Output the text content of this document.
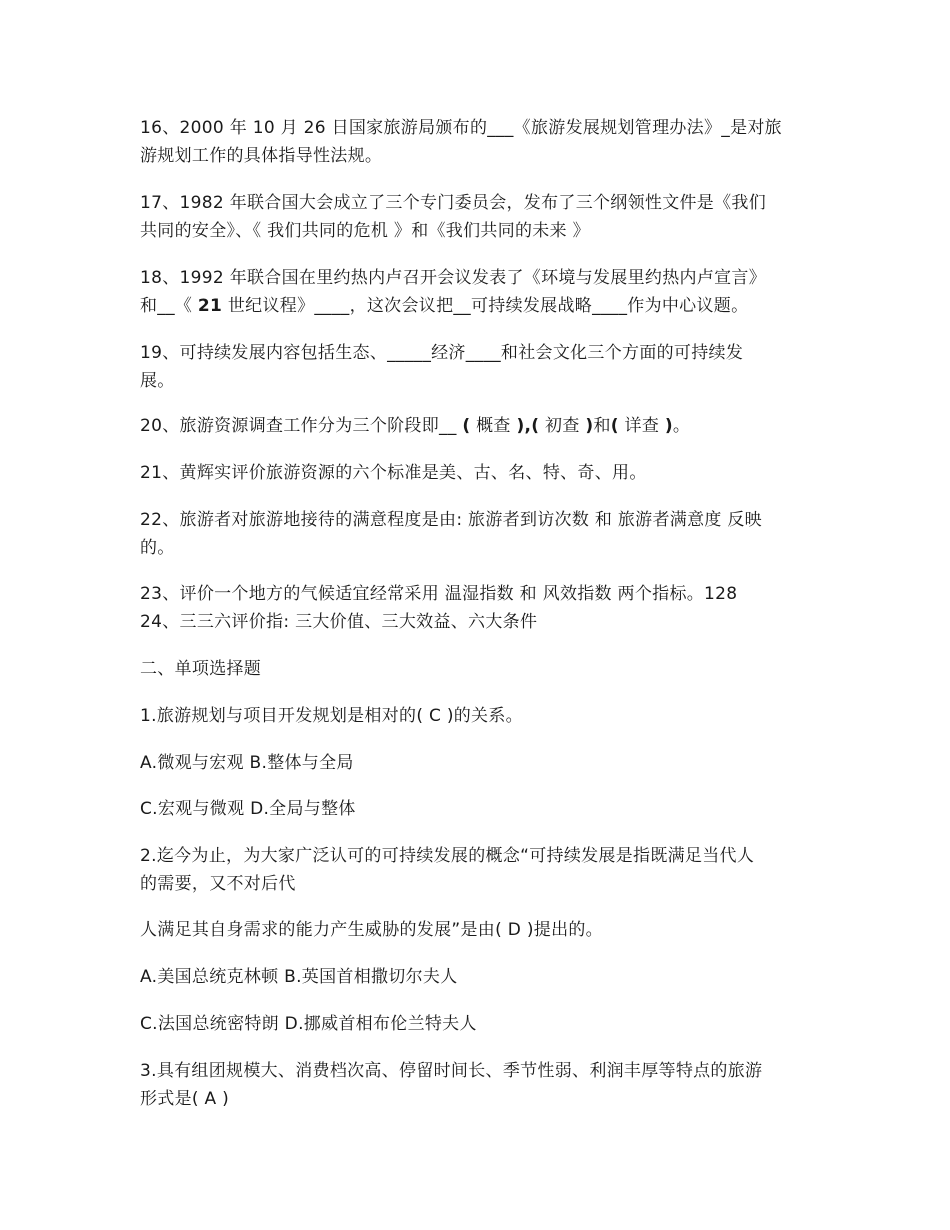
16、2000 年 10 月 26 日国家旅游局颁布的___《旅游发展规划管理办法》_是对旅
游规划工作的具体指导性法规。
17、1982 年联合国大会成立了三个专门委员会，发布了三个纲领性文件是《我们
共同的安全》、《 我们共同的危机 》和《我们共同的未来 》
18、1992 年联合国在里约热内卢召开会议发表了《环境与发展里约热内卢宣言》
和__《 21 世纪议程》____，这次会议把__可持续发展战略____作为中心议题。
19、可持续发展内容包括生态、_____经济____和社会文化三个方面的可持续发
展。
20、旅游资源调查工作分为三个阶段即__ ( 概查 ),( 初查 )和( 详查 )。
21、黄辉实评价旅游资源的六个标准是美、古、名、特、奇、用。
22、旅游者对旅游地接待的满意程度是由: 旅游者到访次数 和 旅游者满意度 反映
的。
23、评价一个地方的气候适宜经常采用 温湿指数 和 风效指数 两个指标。128
24、三三六评价指: 三大价值、三大效益、六大条件
二、单项选择题
1.旅游规划与项目开发规划是相对的( C )的关系。
A.微观与宏观 B.整体与全局
C.宏观与微观 D.全局与整体
2.迄今为止，为大家广泛认可的可持续发展的概念“可持续发展是指既满足当代人
的需要，又不对后代
人满足其自身需求的能力产生威胁的发展”是由( D )提出的。
A.美国总统克林顿 B.英国首相撒切尔夫人
C.法国总统密特朗 D.挪威首相布伦兰特夫人
3.具有组团规模大、消费档次高、停留时间长、季节性弱、利润丰厚等特点的旅游
形式是( A )
